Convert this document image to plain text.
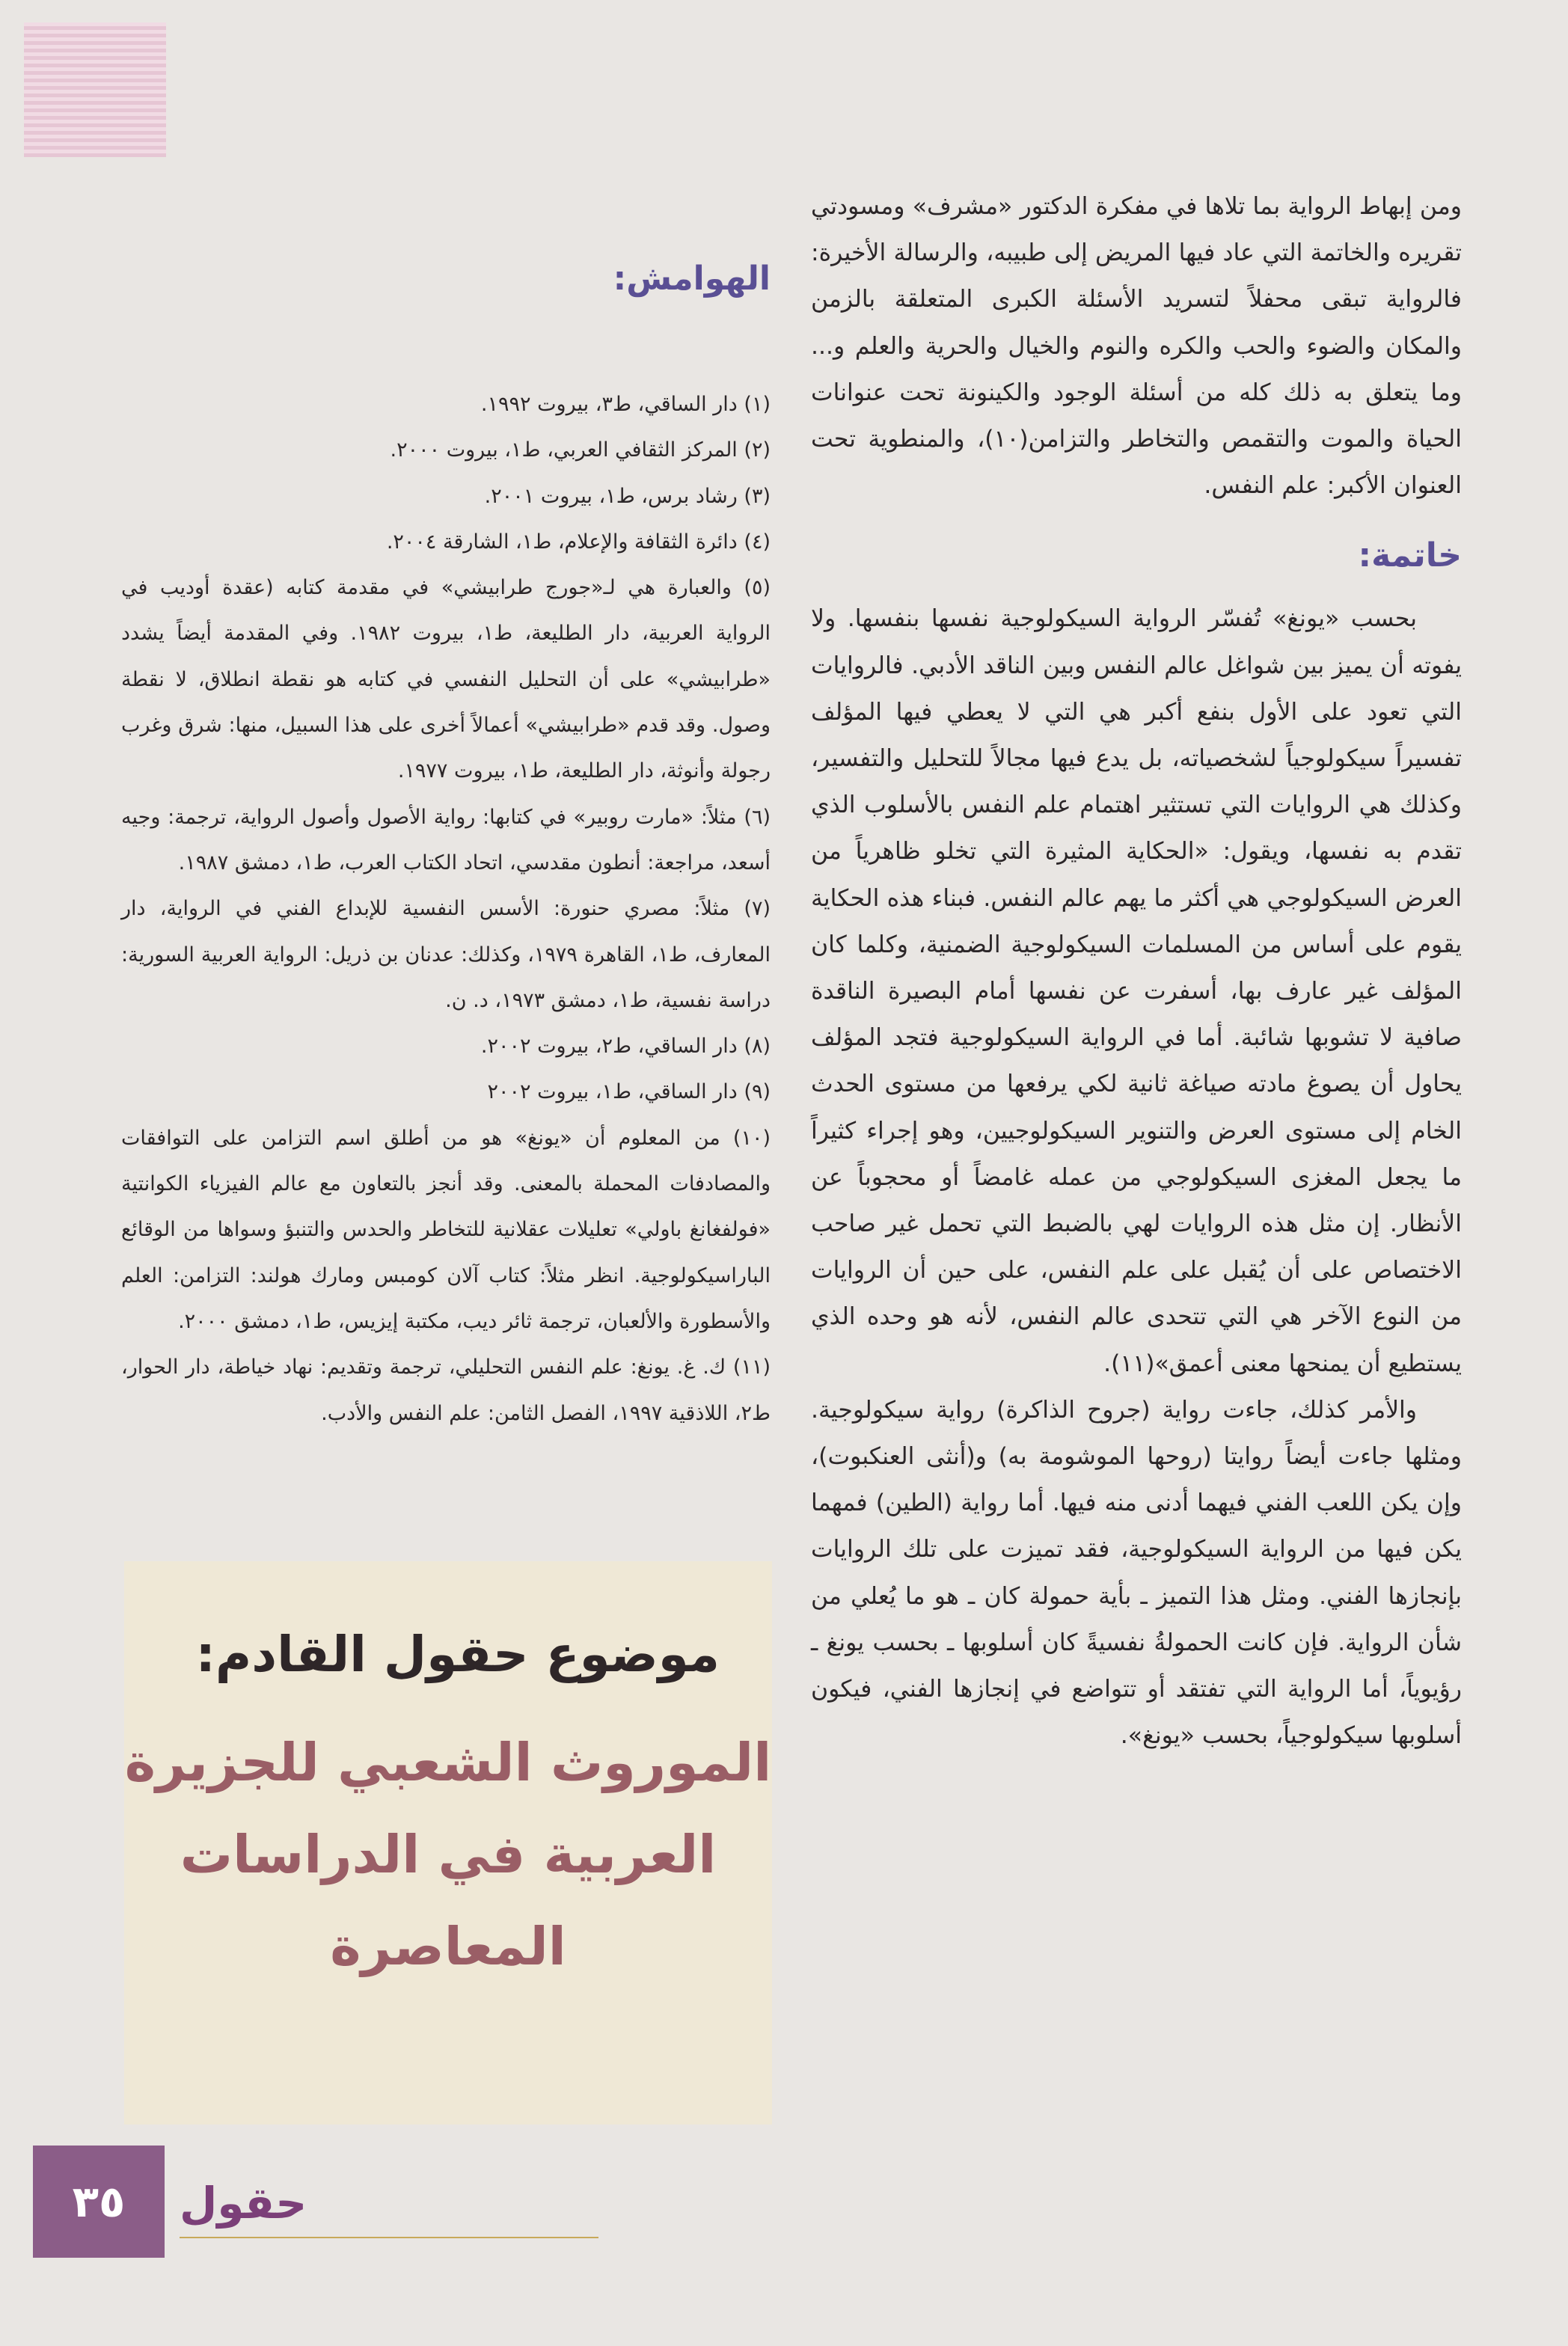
ومن إبهاط الرواية بما تلاها في مفكرة الدكتور «مشرف» ومسودتي تقريره والخاتمة التي عاد فيها المريض إلى طبيبه، والرسالة الأخيرة: فالرواية تبقى محفلاً لتسريد الأسئلة الكبرى المتعلقة بالزمن والمكان والضوء والحب والكره والنوم والخيال والحرية والعلم و... وما يتعلق به ذلك كله من أسئلة الوجود والكينونة تحت عنوانات الحياة والموت والتقمص والتخاطر والتزامن(١٠)، والمنطوية تحت العنوان الأكبر: علم النفس.

خاتمة:

بحسب «يونغ» تُفسّر الرواية السيكولوجية نفسها بنفسها. ولا يفوته أن يميز بين شواغل عالم النفس وبين الناقد الأدبي. فالروايات التي تعود على الأول بنفع أكبر هي التي لا يعطي فيها المؤلف تفسيراً سيكولوجياً لشخصياته، بل يدع فيها مجالاً للتحليل والتفسير، وكذلك هي الروايات التي تستثير اهتمام علم النفس بالأسلوب الذي تقدم به نفسها، ويقول: «الحكاية المثيرة التي تخلو ظاهرياً من العرض السيكولوجي هي أكثر ما يهم عالم النفس. فبناء هذه الحكاية يقوم على أساس من المسلمات السيكولوجية الضمنية، وكلما كان المؤلف غير عارف بها، أسفرت عن نفسها أمام البصيرة الناقدة صافية لا تشوبها شائبة. أما في الرواية السيكولوجية فتجد المؤلف يحاول أن يصوغ مادته صياغة ثانية لكي يرفعها من مستوى الحدث الخام إلى مستوى العرض والتنوير السيكولوجيين، وهو إجراء كثيراً ما يجعل المغزى السيكولوجي من عمله غامضاً أو محجوباً عن الأنظار. إن مثل هذه الروايات لهي بالضبط التي تحمل غير صاحب الاختصاص على أن يُقبل على علم النفس، على حين أن الروايات من النوع الآخر هي التي تتحدى عالم النفس، لأنه هو وحده الذي يستطيع أن يمنحها معنى أعمق»(١١).

والأمر كذلك، جاءت رواية (جروح الذاكرة) رواية سيكولوجية. ومثلها جاءت أيضاً روايتا (روحها الموشومة به) و(أنثى العنكبوت)، وإن يكن اللعب الفني فيهما أدنى منه فيها. أما رواية (الطين) فمهما يكن فيها من الرواية السيكولوجية، فقد تميزت على تلك الروايات بإنجازها الفني. ومثل هذا التميز ـ بأية حمولة كان ـ هو ما يُعلي من شأن الرواية. فإن كانت الحمولةُ نفسيةً كان أسلوبها ـ بحسب يونغ ـ رؤيوياً، أما الرواية التي تفتقد أو تتواضع في إنجازها الفني، فيكون أسلوبها سيكولوجياً، بحسب «يونغ».

الهوامش:

(١) دار الساقي، ط٣، بيروت ١٩٩٢.

(٢) المركز الثقافي العربي، ط١، بيروت ٢٠٠٠.

(٣) رشاد برس، ط١، بيروت ٢٠٠١.

(٤) دائرة الثقافة والإعلام، ط١، الشارقة ٢٠٠٤.

(٥) والعبارة هي لـ«جورج طرابيشي» في مقدمة كتابه (عقدة أوديب في الرواية العربية، دار الطليعة، ط١، بيروت ١٩٨٢. وفي المقدمة أيضاً يشدد «طرابيشي» على أن التحليل النفسي في كتابه هو نقطة انطلاق، لا نقطة وصول. وقد قدم «طرابيشي» أعمالاً أخرى على هذا السبيل، منها: شرق وغرب رجولة وأنوثة، دار الطليعة، ط١، بيروت ١٩٧٧.

(٦) مثلاً: «مارت روبير» في كتابها: رواية الأصول وأصول الرواية، ترجمة: وجيه أسعد، مراجعة: أنطون مقدسي، اتحاد الكتاب العرب، ط١، دمشق ١٩٨٧.

(٧) مثلاً: مصري حنورة: الأسس النفسية للإبداع الفني في الرواية، دار المعارف، ط١، القاهرة ١٩٧٩، وكذلك: عدنان بن ذريل: الرواية العربية السورية: دراسة نفسية، ط١، دمشق ١٩٧٣، د. ن.

(٨) دار الساقي، ط٢، بيروت ٢٠٠٢.

(٩) دار الساقي، ط١، بيروت ٢٠٠٢

(١٠) من المعلوم أن «يونغ» هو من أطلق اسم التزامن على التوافقات والمصادفات المحملة بالمعنى. وقد أنجز بالتعاون مع عالم الفيزياء الكوانتية «فولفغانغ باولي» تعليلات عقلانية للتخاطر والحدس والتنبؤ وسواها من الوقائع الباراسيكولوجية. انظر مثلاً: كتاب آلان كومبس ومارك هولند: التزامن: العلم والأسطورة والألعبان، ترجمة ثائر ديب، مكتبة إيزيس، ط١، دمشق ٢٠٠٠.

(١١) ك. غ. يونغ: علم النفس التحليلي، ترجمة وتقديم: نهاد خياطة، دار الحوار، ط٢، اللاذقية ١٩٩٧، الفصل الثامن: علم النفس والأدب.

موضوع حقول القادم:
الموروث الشعبي للجزيرة
العربية في الدراسات
المعاصرة
٣٥	حقول
